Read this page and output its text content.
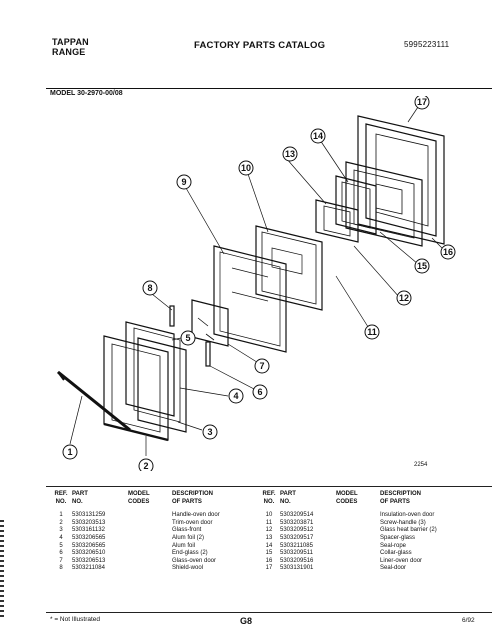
TAPPAN
RANGE
FACTORY PARTS CATALOG	5995223111
MODEL 30-2970-00/08
1
2
3
4
5
6
7
8
9
10
11
12
13
14
15
16
17
2254
REF.
NO.
PART
NO.
MODEL
CODES
DESCRIPTION
OF PARTS
1	5303131259	Handle-oven door
2	5303203513	Trim-oven door
3	5303161132	Glass-front
4	5303206565	Alum foil (2)
5	5303206565	Alum foil
6	5303206510	End-glass (2)
7	5303206513	Glass-oven door
8	5303211084	Shield-wool
REF.
NO.
PART
NO.
MODEL
CODES
DESCRIPTION
OF PARTS
10	5303209514	Insulation-oven door
11	5303203871	Screw-handle (3)
12	5303209512	Glass heat barrier (2)
13	5303209517	Spacer-glass
14	5303211085	Seal-rope
15	5303209511	Collar-glass
16	5303209516	Liner-oven door
17	5303131901	Seal-door
* = Not Illustrated	G8	6/92
